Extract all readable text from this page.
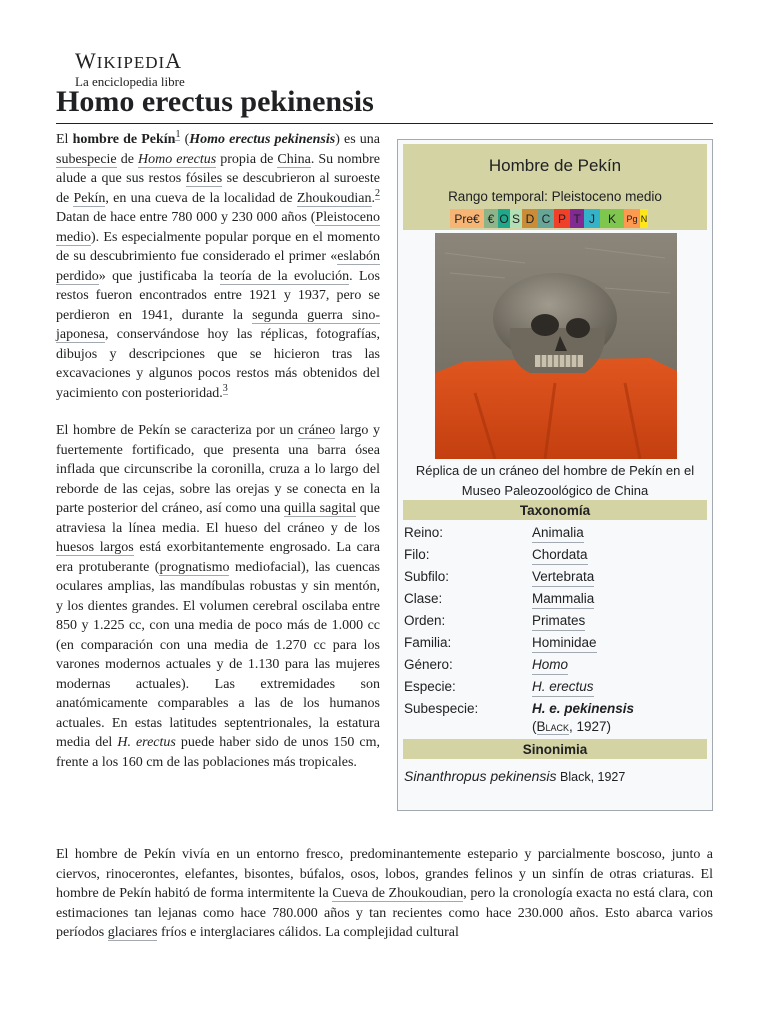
WIKIPEDIA
La enciclopedia libre
Homo erectus pekinensis

El hombre de Pekín$^1$ (Homo erectus pekinensis) es una subespecie de Homo erectus propia de China. Su nombre alude a que sus restos fósiles se descubrieron al suroeste de Pekín, en una cueva de la localidad de Zhoukoudian.$^2$ Datan de hace entre 780 000 y 230 000 años (Pleistoceno medio). Es especialmente popular porque en el momento de su descubrimiento fue considerado el primer «eslabón perdido» que justificaba la teoría de la evolución. Los restos fueron encontrados entre 1921 y 1937, pero se perdieron en 1941, durante la segunda guerra sino-japonesa, conservándose hoy las réplicas, fotografías, dibujos y descripciones que se hicieron tras las excavaciones y algunos pocos restos más obtenidos del yacimiento con posterioridad.$^3$

El hombre de Pekín se caracteriza por un cráneo largo y fuertemente fortificado, que presenta una barra ósea inflada que circunscribe la coronilla, cruza a lo largo del reborde de las cejas, sobre las orejas y se conecta en la parte posterior del cráneo, así como una quilla sagital que atraviesa la línea media. El hueso del cráneo y de los huesos largos está exorbitantemente engrosado. La cara era protuberante (prognatismo mediofacial), las cuencas oculares amplias, las mandíbulas robustas y sin mentón, y los dientes grandes. El volumen cerebral oscilaba entre 850 y 1.225 cc, con una media de poco más de 1.000 cc (en comparación con una media de 1.270 cc para los varones modernos actuales y de 1.130 para las mujeres modernas actuales). Las extremidades son anatómicamente comparables a las de los humanos actuales. En estas latitudes septentrionales, la estatura media del H. erectus puede haber sido de unos 150 cm, frente a los 160 cm de las poblaciones más tropicales.

El hombre de Pekín vivía en un entorno fresco, predominantemente estepario y parcialmente boscoso, junto a ciervos, rinocerontes, elefantes, bisontes, búfalos, osos, lobos, grandes felinos y un sinfín de otras criaturas. El hombre de Pekín habitó de forma intermitente la Cueva de Zhoukoudian, pero la cronología exacta no está clara, con estimaciones tan lejanas como hace 780.000 años y tan recientes como hace 230.000 años. Esto abarca varios períodos glaciares fríos e interglaciares cálidos. La complejidad cultural

Hombre de Pekín
Rango temporal: Pleistoceno medio
Pre€ € O S D C P T J	K	Pg N
Réplica de un cráneo del hombre de Pekín en el Museo Paleozoológico de China
Taxonomía
Reino:	Animalia
Filo:	Chordata
Subfilo:	Vertebrata
Clase:	Mammalia
Orden:	Primates
Familia:	Hominidae
Género:	Homo
Especie:	H. erectus
Subespecie:	H. e. pekinensis
(Black, 1927)
Sinonimia
Sinanthropus pekinensis Black, 1927
